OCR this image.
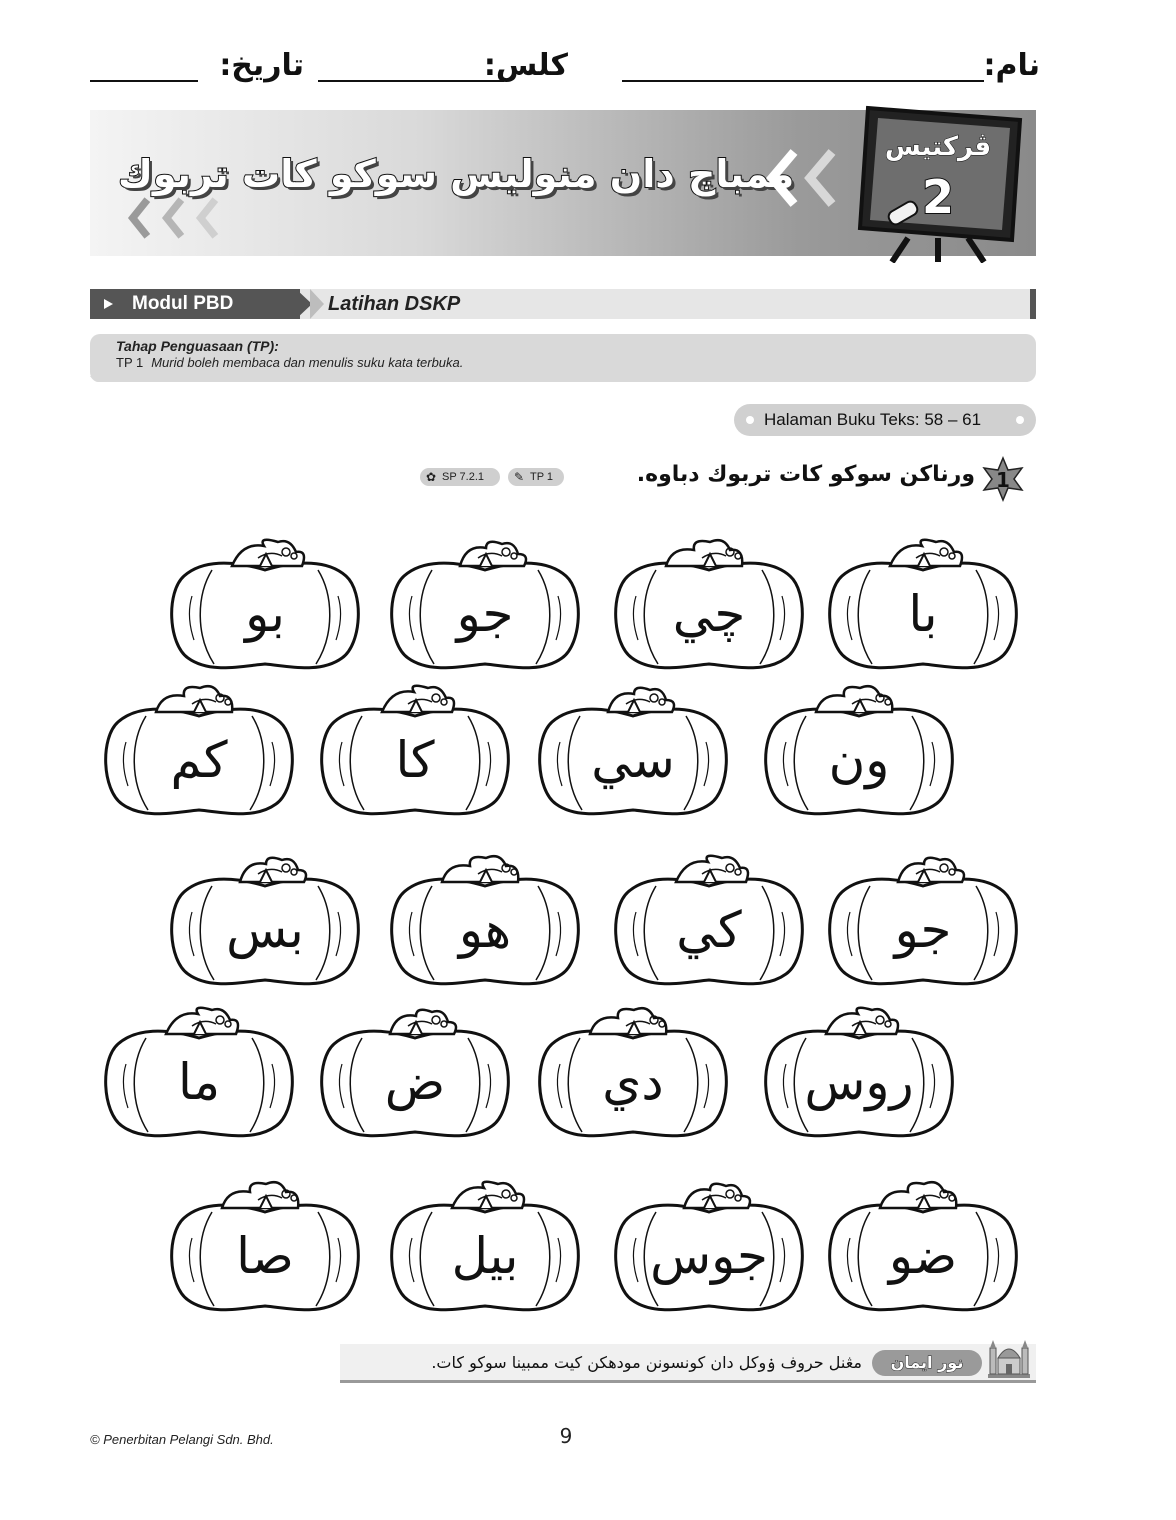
نام:
كلس:
تاريخ:
ممباچ دان منوليس سوكو كات تربوك
ڤركتيس
2
Modul PBD	Latihan DSKP
Tahap Penguasaan (TP):
TP 1 Murid boleh membaca dan menulis suku kata terbuka.
Halaman Buku Teks: 58 – 61
1
ورناكن سوكو كات تربوك دباوه.
✎ TP 1
✿ SP 7.2.1
با
چي
جو
بو
ون
سي
كا
كم
جو
كي
هو
بس
روس
دي
ض
ما
ضو
جوس
بيل
صا
مڠنل حروف ۏوكل دان كونسونن مودهكن كيت ممبينا سوكو كات.	نور ايمان
© Penerbitan Pelangi Sdn. Bhd.	9
